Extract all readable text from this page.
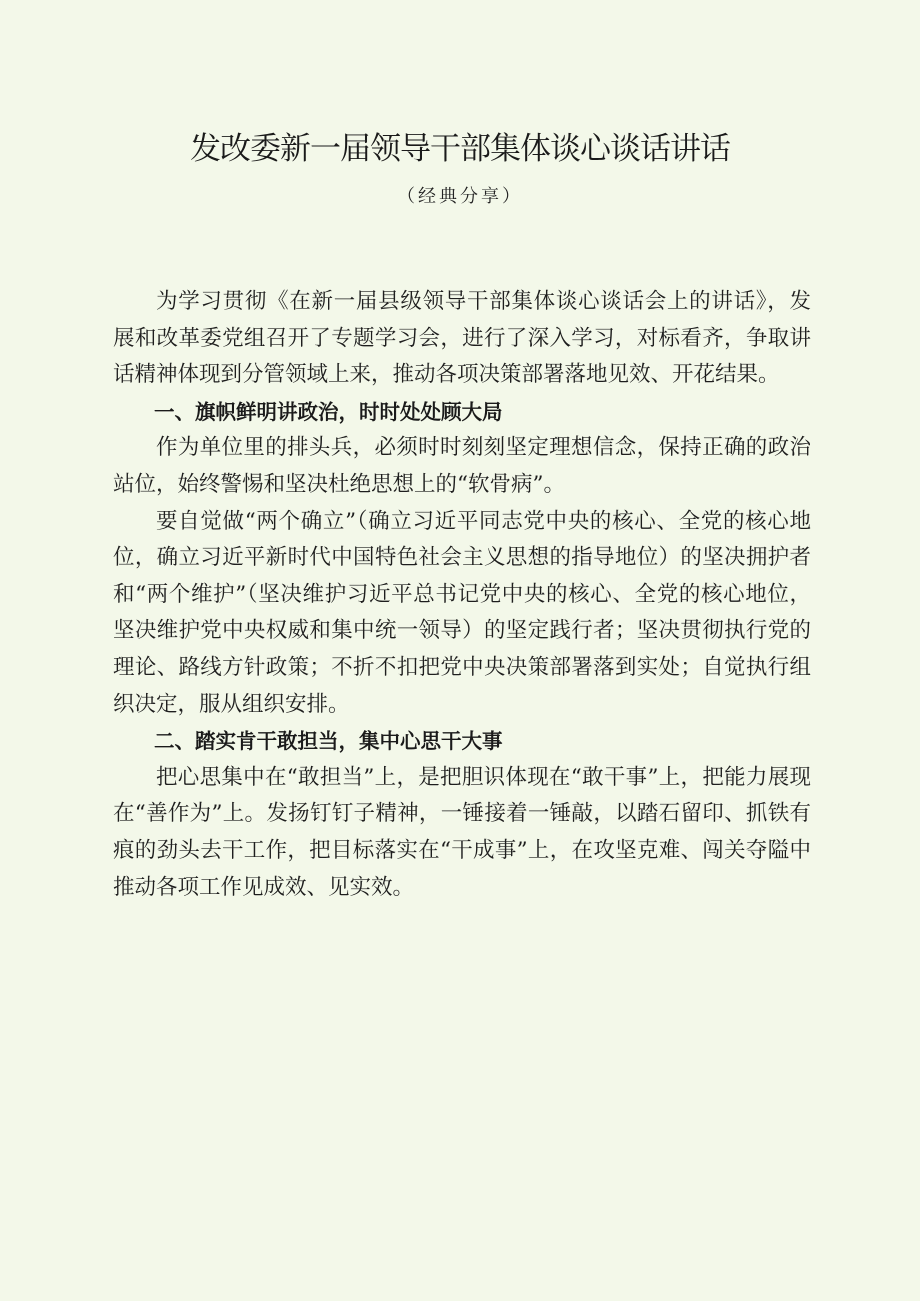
发改委新一届领导干部集体谈心谈话讲话
（经典分享）

为学习贯彻《在新一届县级领导干部集体谈心谈话会上的讲话》，发展和改革委党组召开了专题学习会，进行了深入学习，对标看齐，争取讲话精神体现到分管领域上来，推动各项决策部署落地见效、开花结果。

一、旗帜鲜明讲政治，时时处处顾大局

作为单位里的排头兵，必须时时刻刻坚定理想信念，保持正确的政治站位，始终警惕和坚决杜绝思想上的“软骨病”。

要自觉做“两个确立”（确立习近平同志党中央的核心、全党的核心地位，确立习近平新时代中国特色社会主义思想的指导地位）的坚决拥护者和“两个维护”（坚决维护习近平总书记党中央的核心、全党的核心地位，坚决维护党中央权威和集中统一领导）的坚定践行者；坚决贯彻执行党的理论、路线方针政策；不折不扣把党中央决策部署落到实处；自觉执行组织决定，服从组织安排。

二、踏实肯干敢担当，集中心思干大事

把心思集中在“敢担当”上，是把胆识体现在“敢干事”上，把能力展现在“善作为”上。发扬钉钉子精神，一锤接着一锤敲，以踏石留印、抓铁有痕的劲头去干工作，把目标落实在“干成事”上，在攻坚克难、闯关夺隘中推动各项工作见成效、见实效。
